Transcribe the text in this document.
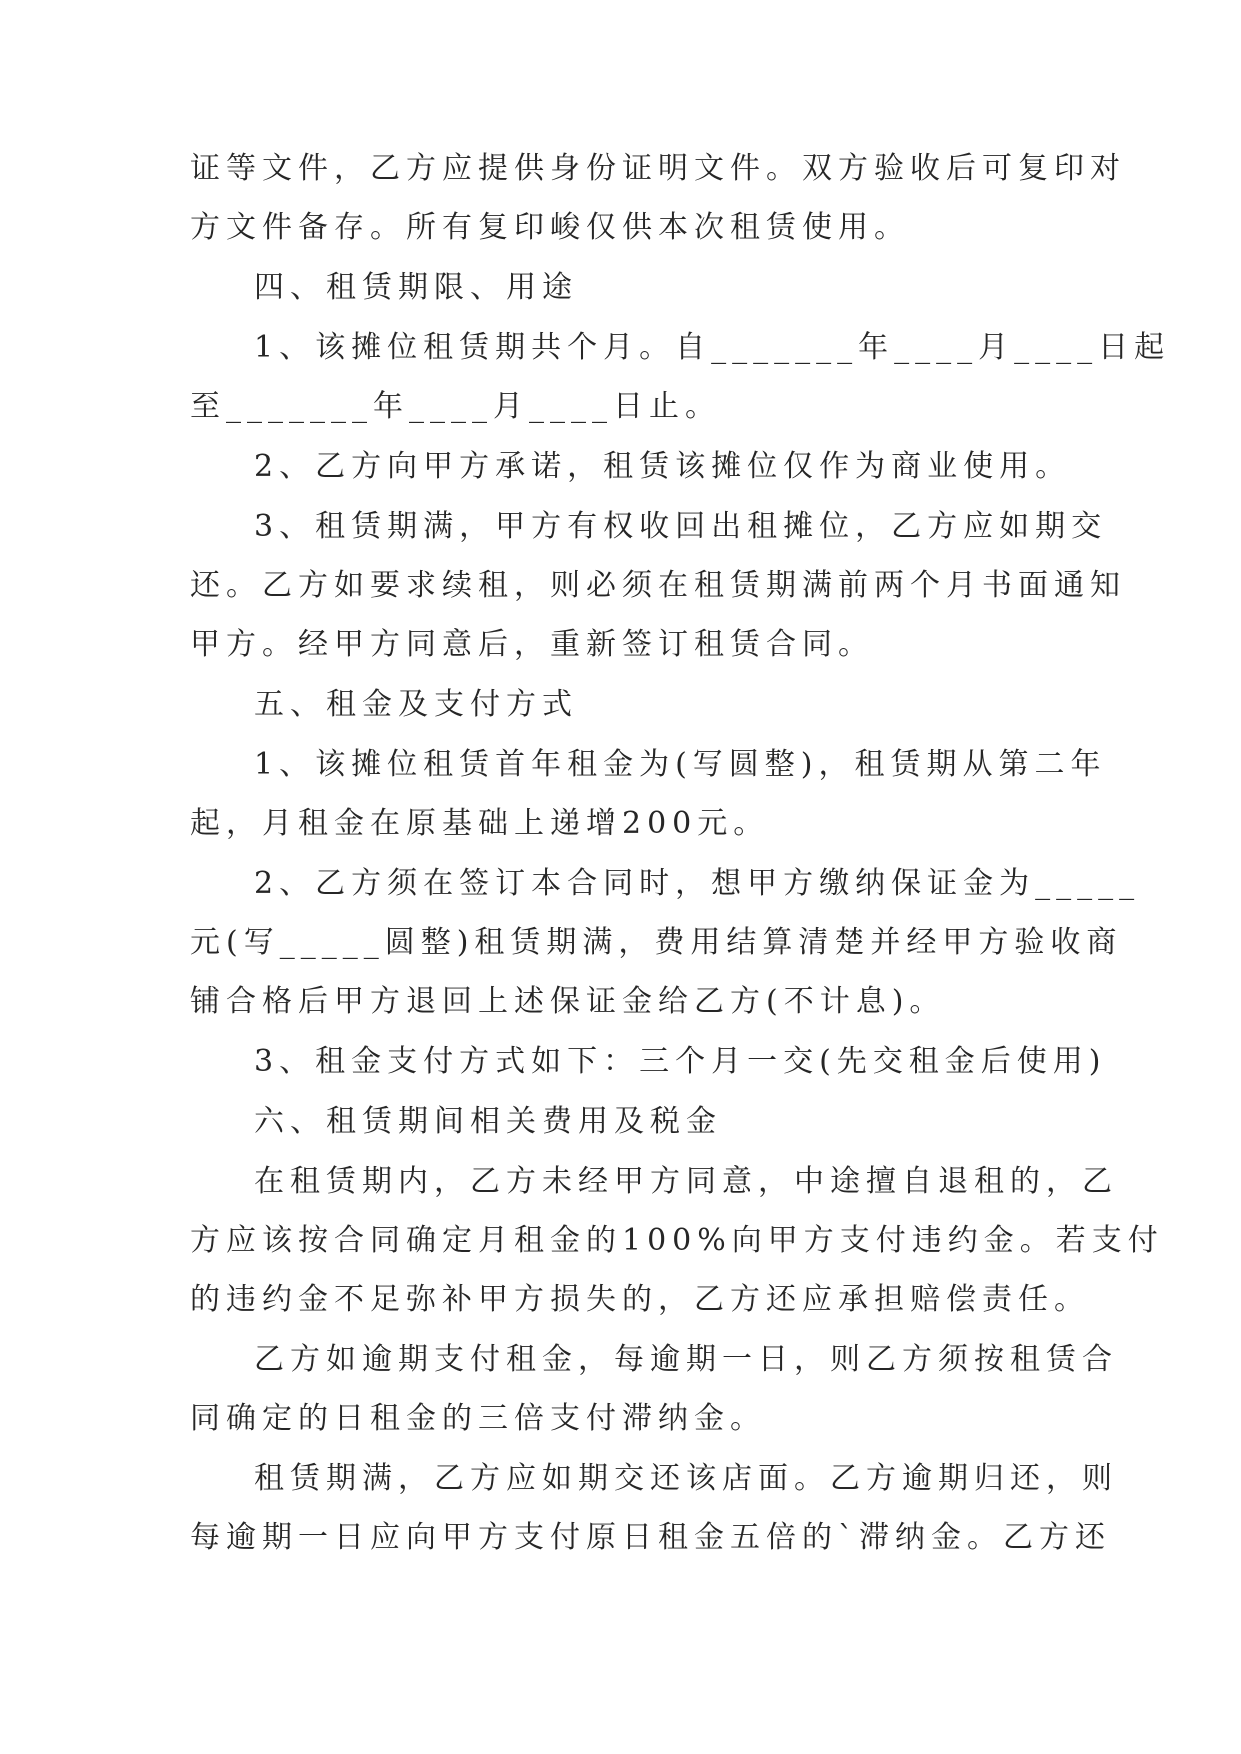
证等文件，乙方应提供身份证明文件。双方验收后可复印对
方文件备存。所有复印峻仅供本次租赁使用。
四、租赁期限、用途
1、该摊位租赁期共个月。自_______年____月____日起
至_______年____月____日止。
2、乙方向甲方承诺，租赁该摊位仅作为商业使用。
3、租赁期满，甲方有权收回出租摊位，乙方应如期交
还。乙方如要求续租，则必须在租赁期满前两个月书面通知
甲方。经甲方同意后，重新签订租赁合同。
五、租金及支付方式
1、该摊位租赁首年租金为(写圆整)，租赁期从第二年
起，月租金在原基础上递增200元。
2、乙方须在签订本合同时，想甲方缴纳保证金为_____
元(写_____圆整)租赁期满，费用结算清楚并经甲方验收商
铺合格后甲方退回上述保证金给乙方(不计息)。
3、租金支付方式如下：三个月一交(先交租金后使用)
六、租赁期间相关费用及税金
在租赁期内，乙方未经甲方同意，中途擅自退租的，乙
方应该按合同确定月租金的100%向甲方支付违约金。若支付
的违约金不足弥补甲方损失的，乙方还应承担赔偿责任。
乙方如逾期支付租金，每逾期一日，则乙方须按租赁合
同确定的日租金的三倍支付滞纳金。
租赁期满，乙方应如期交还该店面。乙方逾期归还，则
每逾期一日应向甲方支付原日租金五倍的`滞纳金。乙方还
